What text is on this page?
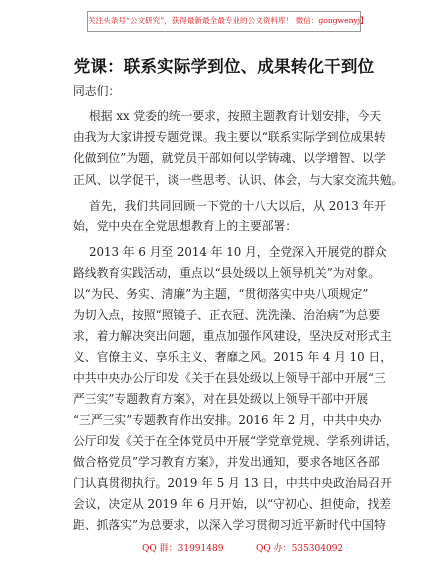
关注头条号“公文研究”，获得最新最全最专业的公文资料库！ 微信：gongwenyj】
党课：联系实际学到位、成果转化干到位

同志们：

根据 xx 党委的统一要求，按照主题教育计划安排，今天

由我为大家讲授专题党课。我主要以“联系实际学到位成果转

化做到位”为题，就党员干部如何以学铸魂、以学增智、以学

正风、以学促干，谈一些思考、认识、体会，与大家交流共勉。

首先，我们共同回顾一下党的十八大以后，从 2013 年开

始，党中央在全党思想教育上的主要部署：

2013 年 6 月至 2014 年 10 月，全党深入开展党的群众

路线教育实践活动，重点以“县处级以上领导机关”为对象。

以“为民、务实、清廉”为主题，“贯彻落实中央八项规定”

为切入点，按照“照镜子、正衣冠、洗洗澡、治治病”为总要

求，着力解决突出问题，重点加强作风建设，坚决反对形式主

义、官僚主义、享乐主义、奢靡之风。2015 年 4 月 10 日，

中共中央办公厅印发《关于在县处级以上领导干部中开展“三

严三实”专题教育方案》，对在县处级以上领导干部中开展

“三严三实”专题教育作出安排。2016 年 2 月，中共中央办

公厅印发《关于在全体党员中开展“学党章党规、学系列讲话，

做合格党员”学习教育方案》，并发出通知，要求各地区各部

门认真贯彻执行。2019 年 5 月 13 日，中共中央政治局召开

会议，决定从 2019 年 6 月开始，以“守初心、担使命，找差

距、抓落实”为总要求，以深入学习贯彻习近平新时代中国特

QQ 群：31991489	QQ 办：535304092
